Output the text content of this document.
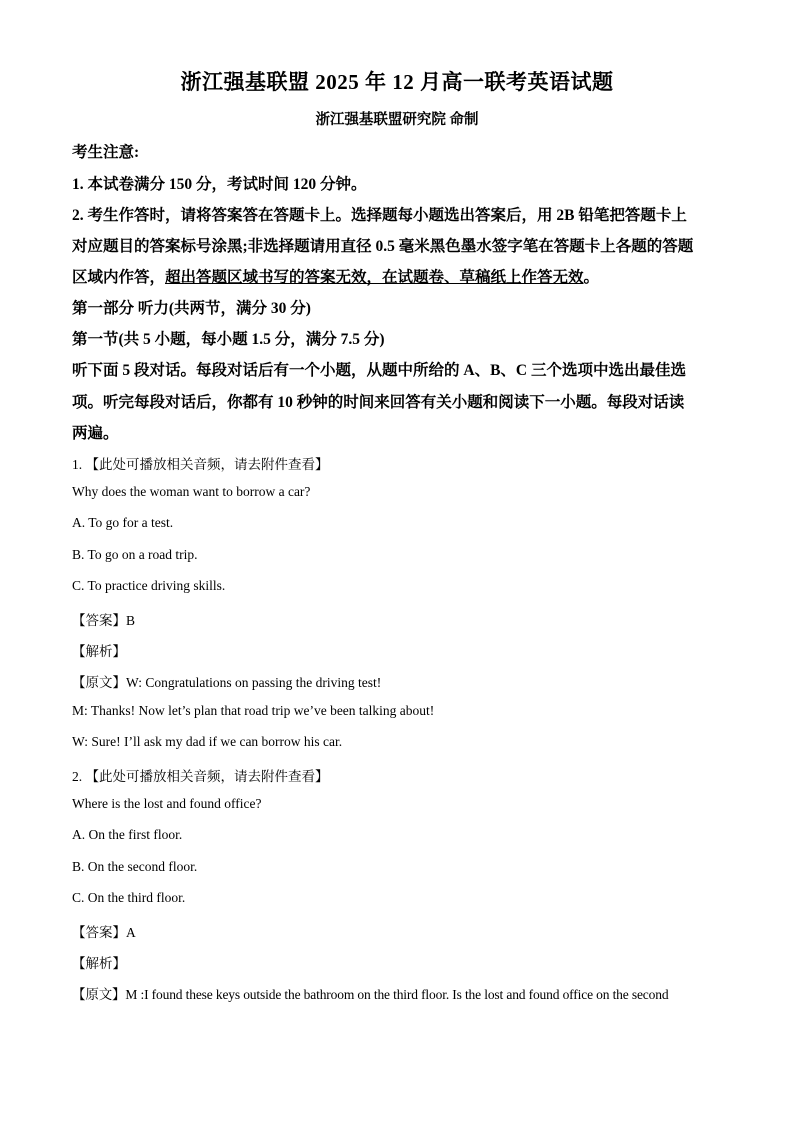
浙江强基联盟 2025 年 12 月高一联考英语试题
浙江强基联盟研究院 命制
考生注意:
1. 本试卷满分 150 分，考试时间 120 分钟。
2. 考生作答时，请将答案答在答题卡上。选择题每小题选出答案后，用 2B 铅笔把答题卡上
对应题目的答案标号涂黑;非选择题请用直径 0.5 毫米黑色墨水签字笔在答题卡上各题的答题
区域内作答，超出答题区域书写的答案无效，在试题卷、草稿纸上作答无效。
第一部分 听力(共两节，满分 30 分)
第一节(共 5 小题，每小题 1.5 分，满分 7.5 分)
听下面 5 段对话。每段对话后有一个小题，从题中所给的 A、B、C 三个选项中选出最佳选
项。听完每段对话后，你都有 10 秒钟的时间来回答有关小题和阅读下一小题。每段对话读
两遍。
1. 【此处可播放相关音频，请去附件查看】
Why does the woman want to borrow a car?
A. To go for a test.
B. To go on a road trip.
C. To practice driving skills.
【答案】B
【解析】
【原文】W: Congratulations on passing the driving test!
M: Thanks! Now let’s plan that road trip we’ve been talking about!
W: Sure! I’ll ask my dad if we can borrow his car.
2. 【此处可播放相关音频，请去附件查看】
Where is the lost and found office?
A. On the first floor.
B. On the second floor.
C. On the third floor.
【答案】A
【解析】
【原文】M :I found these keys outside the bathroom on the third floor. Is the lost and found office on the second
